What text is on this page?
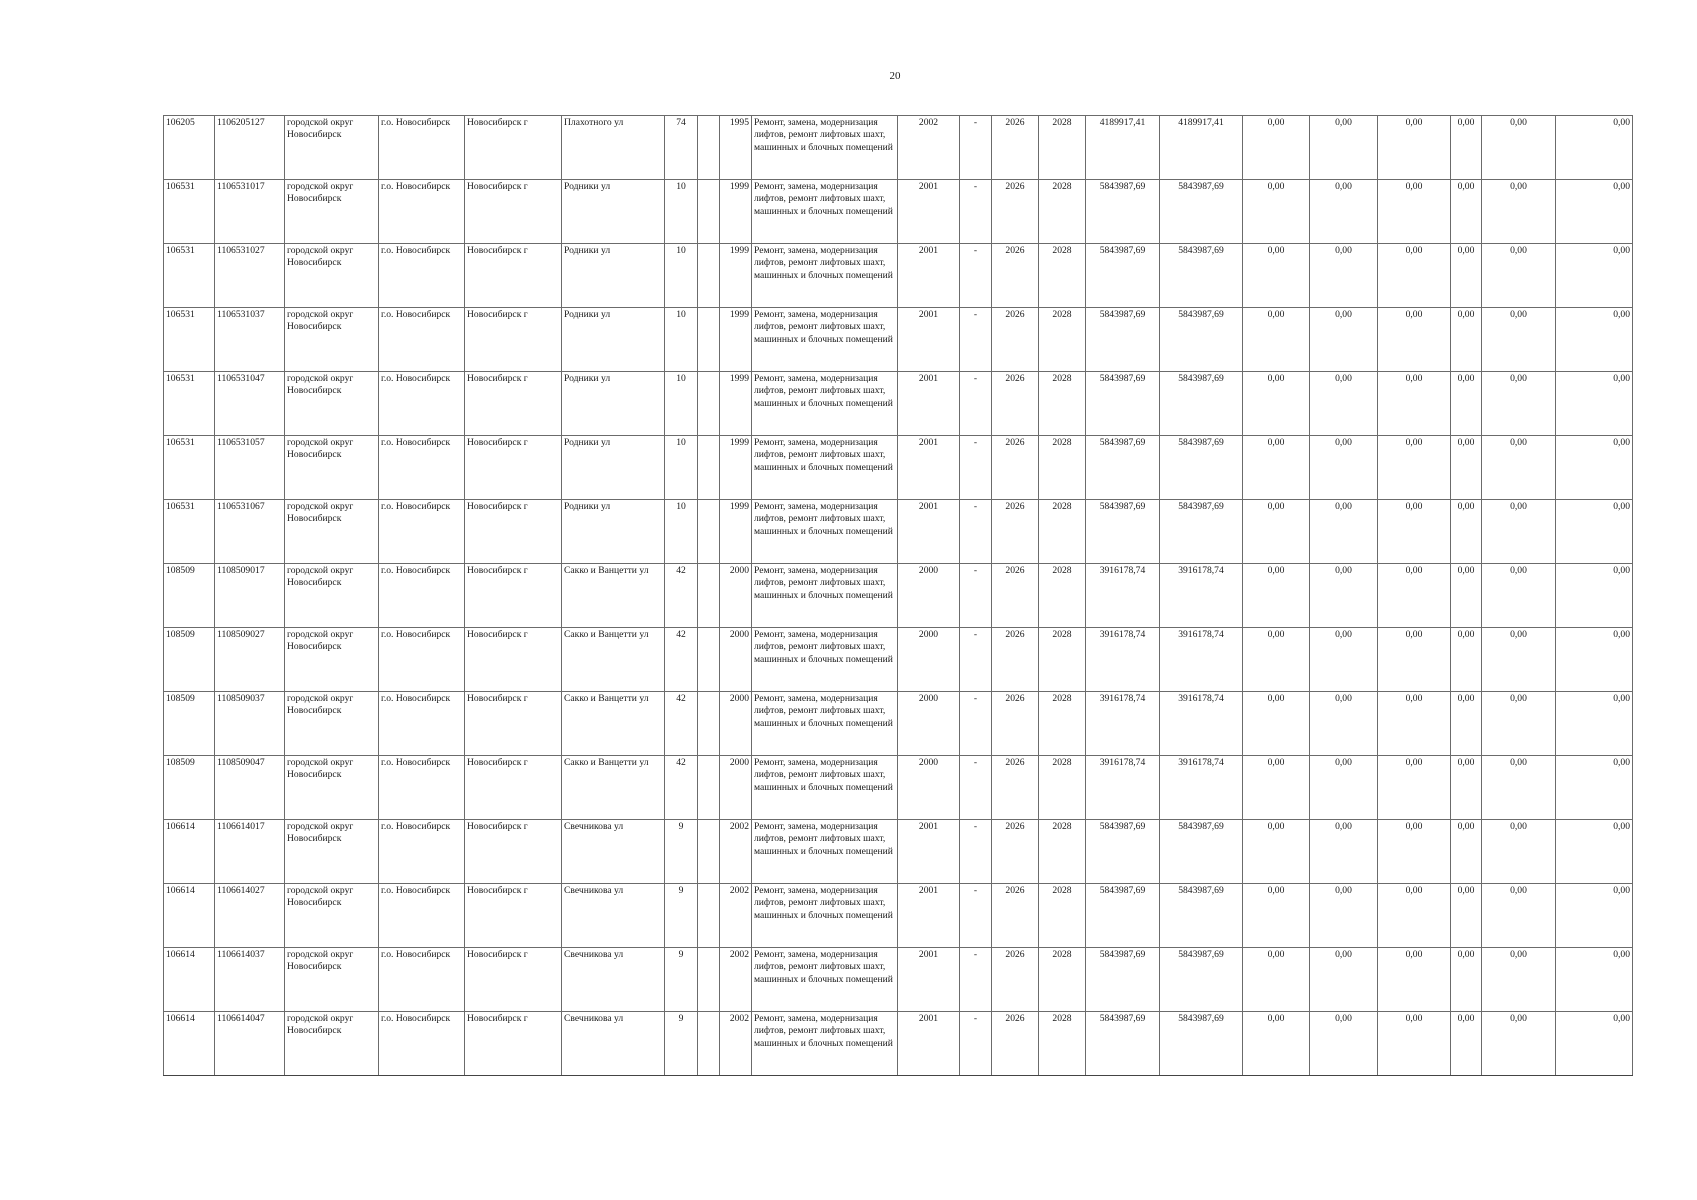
20
106205	1106205127	городской округ Новосибирск	г.о. Новосибирск	Новосибирск г	Плахотного ул	74		1995	Ремонт, замена, модернизация лифтов, ремонт лифтовых шахт, машинных и блочных помещений	2002	-	2026	2028	4189917,41	4189917,41	0,00	0,00	0,00	0,00	0,00	0,00
106531	1106531017	городской округ Новосибирск	г.о. Новосибирск	Новосибирск г	Родники ул	10		1999	Ремонт, замена, модернизация лифтов, ремонт лифтовых шахт, машинных и блочных помещений	2001	-	2026	2028	5843987,69	5843987,69	0,00	0,00	0,00	0,00	0,00	0,00
106531	1106531027	городской округ Новосибирск	г.о. Новосибирск	Новосибирск г	Родники ул	10		1999	Ремонт, замена, модернизация лифтов, ремонт лифтовых шахт, машинных и блочных помещений	2001	-	2026	2028	5843987,69	5843987,69	0,00	0,00	0,00	0,00	0,00	0,00
106531	1106531037	городской округ Новосибирск	г.о. Новосибирск	Новосибирск г	Родники ул	10		1999	Ремонт, замена, модернизация лифтов, ремонт лифтовых шахт, машинных и блочных помещений	2001	-	2026	2028	5843987,69	5843987,69	0,00	0,00	0,00	0,00	0,00	0,00
106531	1106531047	городской округ Новосибирск	г.о. Новосибирск	Новосибирск г	Родники ул	10		1999	Ремонт, замена, модернизация лифтов, ремонт лифтовых шахт, машинных и блочных помещений	2001	-	2026	2028	5843987,69	5843987,69	0,00	0,00	0,00	0,00	0,00	0,00
106531	1106531057	городской округ Новосибирск	г.о. Новосибирск	Новосибирск г	Родники ул	10		1999	Ремонт, замена, модернизация лифтов, ремонт лифтовых шахт, машинных и блочных помещений	2001	-	2026	2028	5843987,69	5843987,69	0,00	0,00	0,00	0,00	0,00	0,00
106531	1106531067	городской округ Новосибирск	г.о. Новосибирск	Новосибирск г	Родники ул	10		1999	Ремонт, замена, модернизация лифтов, ремонт лифтовых шахт, машинных и блочных помещений	2001	-	2026	2028	5843987,69	5843987,69	0,00	0,00	0,00	0,00	0,00	0,00
108509	1108509017	городской округ Новосибирск	г.о. Новосибирск	Новосибирск г	Сакко и Ванцетти ул	42		2000	Ремонт, замена, модернизация лифтов, ремонт лифтовых шахт, машинных и блочных помещений	2000	-	2026	2028	3916178,74	3916178,74	0,00	0,00	0,00	0,00	0,00	0,00
108509	1108509027	городской округ Новосибирск	г.о. Новосибирск	Новосибирск г	Сакко и Ванцетти ул	42		2000	Ремонт, замена, модернизация лифтов, ремонт лифтовых шахт, машинных и блочных помещений	2000	-	2026	2028	3916178,74	3916178,74	0,00	0,00	0,00	0,00	0,00	0,00
108509	1108509037	городской округ Новосибирск	г.о. Новосибирск	Новосибирск г	Сакко и Ванцетти ул	42		2000	Ремонт, замена, модернизация лифтов, ремонт лифтовых шахт, машинных и блочных помещений	2000	-	2026	2028	3916178,74	3916178,74	0,00	0,00	0,00	0,00	0,00	0,00
108509	1108509047	городской округ Новосибирск	г.о. Новосибирск	Новосибирск г	Сакко и Ванцетти ул	42		2000	Ремонт, замена, модернизация лифтов, ремонт лифтовых шахт, машинных и блочных помещений	2000	-	2026	2028	3916178,74	3916178,74	0,00	0,00	0,00	0,00	0,00	0,00
106614	1106614017	городской округ Новосибирск	г.о. Новосибирск	Новосибирск г	Свечникова ул	9		2002	Ремонт, замена, модернизация лифтов, ремонт лифтовых шахт, машинных и блочных помещений	2001	-	2026	2028	5843987,69	5843987,69	0,00	0,00	0,00	0,00	0,00	0,00
106614	1106614027	городской округ Новосибирск	г.о. Новосибирск	Новосибирск г	Свечникова ул	9		2002	Ремонт, замена, модернизация лифтов, ремонт лифтовых шахт, машинных и блочных помещений	2001	-	2026	2028	5843987,69	5843987,69	0,00	0,00	0,00	0,00	0,00	0,00
106614	1106614037	городской округ Новосибирск	г.о. Новосибирск	Новосибирск г	Свечникова ул	9		2002	Ремонт, замена, модернизация лифтов, ремонт лифтовых шахт, машинных и блочных помещений	2001	-	2026	2028	5843987,69	5843987,69	0,00	0,00	0,00	0,00	0,00	0,00
106614	1106614047	городской округ Новосибирск	г.о. Новосибирск	Новосибирск г	Свечникова ул	9		2002	Ремонт, замена, модернизация лифтов, ремонт лифтовых шахт, машинных и блочных помещений	2001	-	2026	2028	5843987,69	5843987,69	0,00	0,00	0,00	0,00	0,00	0,00
